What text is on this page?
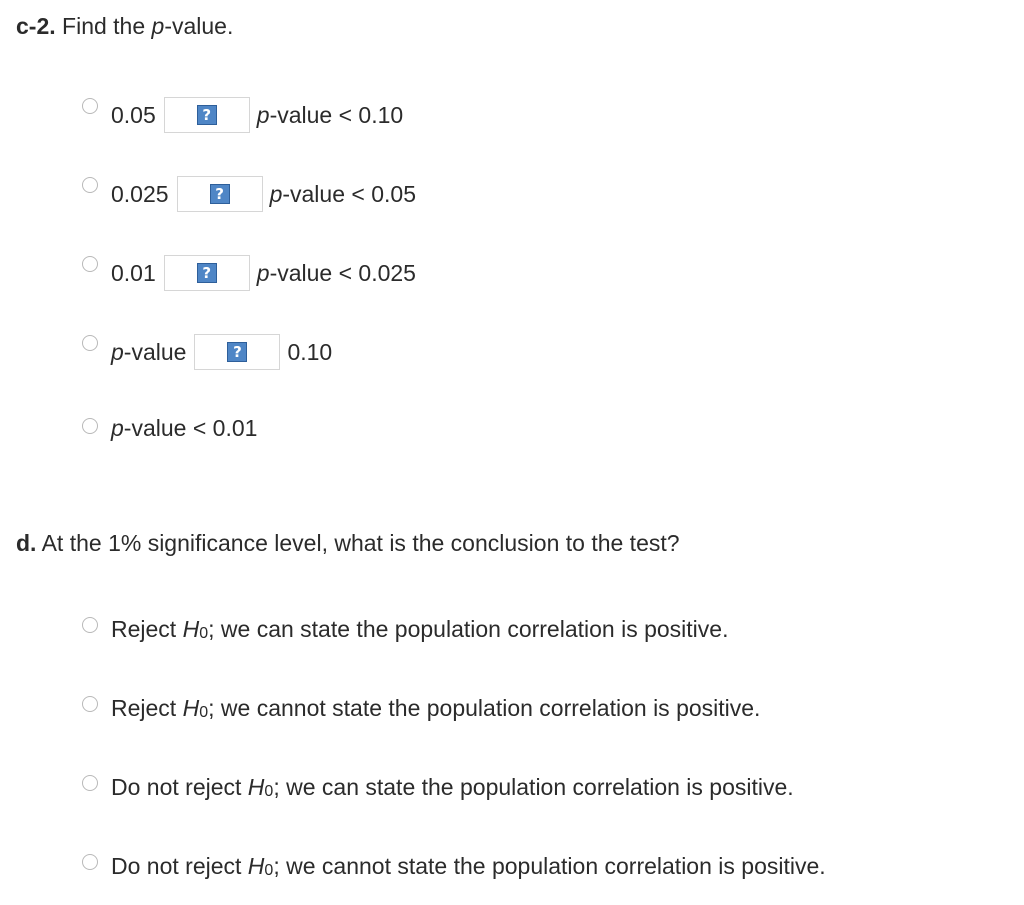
c-2. Find the p-value.
0.05	? p -value < 0.10
0.025	? p -value < 0.05
0.01	? p -value < 0.025
p -value	? 0.10
p -value < 0.01
d. At the 1% significance level, what is the conclusion to the test?
Reject H 0 ; we can state the population correlation is positive.
Reject H 0 ; we cannot state the population correlation is positive.
Do not reject H 0 ; we can state the population correlation is positive.
Do not reject H 0 ; we cannot state the population correlation is positive.
